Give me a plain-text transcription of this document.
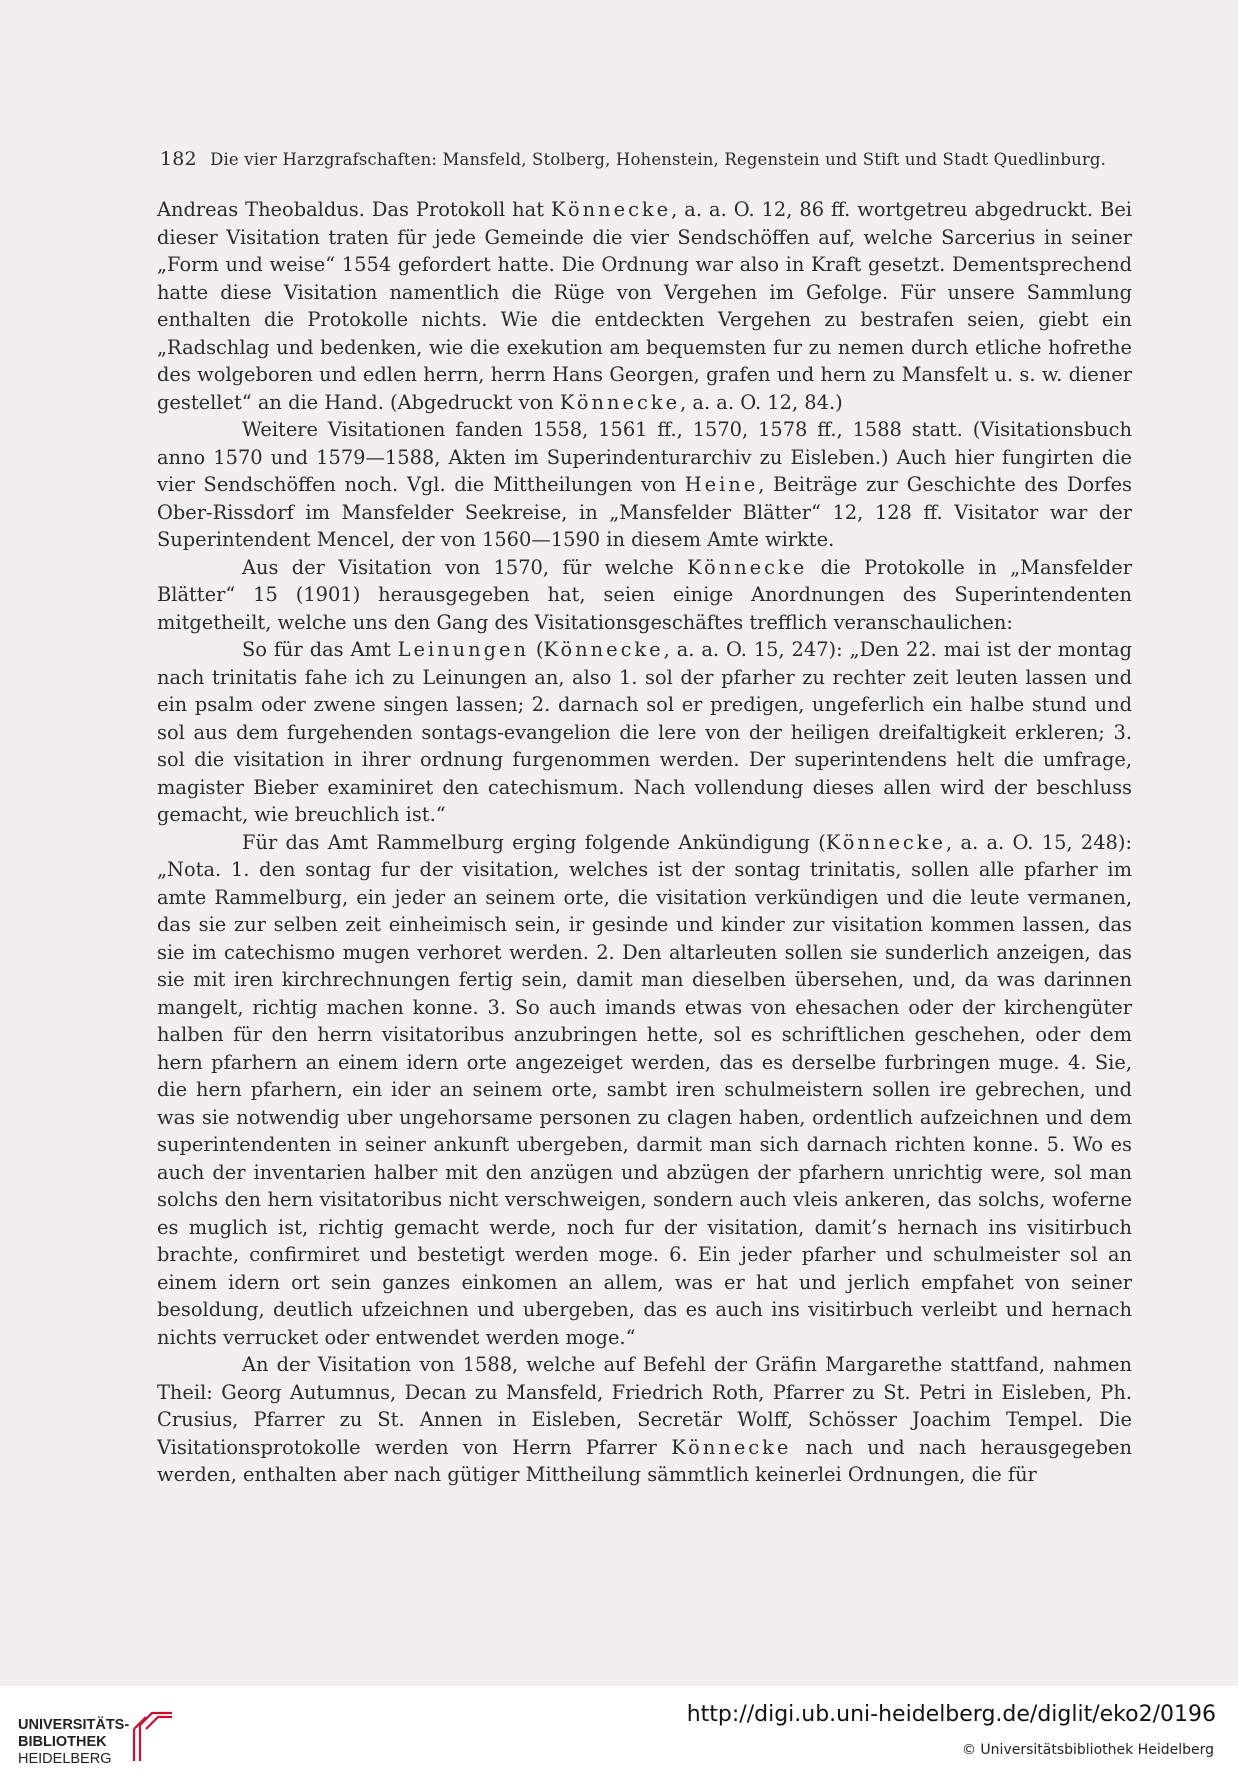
182 Die vier Harzgrafschaften: Mansfeld, Stolberg, Hohenstein, Regenstein und Stift und Stadt Quedlinburg.

Andreas Theobaldus. Das Protokoll hat Könnecke, a. a. O. 12, 86 ff. wortgetreu abgedruckt. Bei dieser Visitation traten für jede Gemeinde die vier Sendschöffen auf, welche Sarcerius in seiner „Form und weise“ 1554 gefordert hatte. Die Ordnung war also in Kraft gesetzt. Dementsprechend hatte diese Visitation namentlich die Rüge von Vergehen im Gefolge. Für unsere Sammlung enthalten die Protokolle nichts. Wie die entdeckten Vergehen zu bestrafen seien, giebt ein „Radschlag und bedenken, wie die exekution am bequemsten fur zu nemen durch etliche hofrethe des wolgeboren und edlen herrn, herrn Hans Georgen, grafen und hern zu Mansfelt u. s. w. diener gestellet“ an die Hand. (Abgedruckt von Könnecke, a. a. O. 12, 84.)

Weitere Visitationen fanden 1558, 1561 ff., 1570, 1578 ff., 1588 statt. (Visitationsbuch anno 1570 und 1579—1588, Akten im Superindenturarchiv zu Eisleben.) Auch hier fungirten die vier Sendschöffen noch. Vgl. die Mittheilungen von Heine, Beiträge zur Geschichte des Dorfes Ober-Rissdorf im Mansfelder Seekreise, in „Mansfelder Blätter“ 12, 128 ff. Visitator war der Superintendent Mencel, der von 1560—1590 in diesem Amte wirkte.

Aus der Visitation von 1570, für welche Könnecke die Protokolle in „Mansfelder Blätter“ 15 (1901) herausgegeben hat, seien einige Anordnungen des Superintendenten mitgetheilt, welche uns den Gang des Visitationsgeschäftes trefflich veranschaulichen:

So für das Amt Leinungen (Könnecke, a. a. O. 15, 247): „Den 22. mai ist der montag nach trinitatis fahe ich zu Leinungen an, also 1. sol der pfarher zu rechter zeit leuten lassen und ein psalm oder zwene singen lassen; 2. darnach sol er predigen, ungeferlich ein halbe stund und sol aus dem furgehenden sontags-evangelion die lere von der heiligen dreifaltigkeit erkleren; 3. sol die visitation in ihrer ordnung furgenommen werden. Der superintendens helt die umfrage, magister Bieber examiniret den catechismum. Nach vollendung dieses allen wird der beschluss gemacht, wie breuchlich ist.“

Für das Amt Rammelburg erging folgende Ankündigung (Könnecke, a. a. O. 15, 248): „Nota. 1. den sontag fur der visitation, welches ist der sontag trinitatis, sollen alle pfarher im amte Rammelburg, ein jeder an seinem orte, die visitation verkündigen und die leute vermanen, das sie zur selben zeit einheimisch sein, ir gesinde und kinder zur visitation kommen lassen, das sie im catechismo mugen verhoret werden. 2. Den altarleuten sollen sie sunderlich anzeigen, das sie mit iren kirchrechnungen fertig sein, damit man dieselben übersehen, und, da was darinnen mangelt, richtig machen konne. 3. So auch imands etwas von ehesachen oder der kirchengüter halben für den herrn visitatoribus anzubringen hette, sol es schriftlichen geschehen, oder dem hern pfarhern an einem idern orte angezeiget werden, das es derselbe furbringen muge. 4. Sie, die hern pfarhern, ein ider an seinem orte, sambt iren schulmeistern sollen ire gebrechen, und was sie notwendig uber ungehorsame personen zu clagen haben, ordentlich aufzeichnen und dem superintendenten in seiner ankunft ubergeben, darmit man sich darnach richten konne. 5. Wo es auch der inventarien halber mit den anzügen und abzügen der pfarhern unrichtig were, sol man solchs den hern visitatoribus nicht verschweigen, sondern auch vleis ankeren, das solchs, woferne es muglich ist, richtig gemacht werde, noch fur der visitation, damit’s hernach ins visitirbuch brachte, confirmiret und bestetigt werden moge. 6. Ein jeder pfarher und schulmeister sol an einem idern ort sein ganzes einkomen an allem, was er hat und jerlich empfahet von seiner besoldung, deutlich ufzeichnen und ubergeben, das es auch ins visitirbuch verleibt und hernach nichts verrucket oder entwendet werden moge.“

An der Visitation von 1588, welche auf Befehl der Gräfin Margarethe stattfand, nahmen Theil: Georg Autumnus, Decan zu Mansfeld, Friedrich Roth, Pfarrer zu St. Petri in Eisleben, Ph. Crusius, Pfarrer zu St. Annen in Eisleben, Secretär Wolff, Schösser Joachim Tempel. Die Visitationsprotokolle werden von Herrn Pfarrer Könnecke nach und nach herausgegeben werden, enthalten aber nach gütiger Mittheilung sämmtlich keinerlei Ordnungen, die für

UNIVERSITÄTS-
BIBLIOTHEK
HEIDELBERG
http://digi.ub.uni-heidelberg.de/diglit/eko2/0196
© Universitätsbibliothek Heidelberg
